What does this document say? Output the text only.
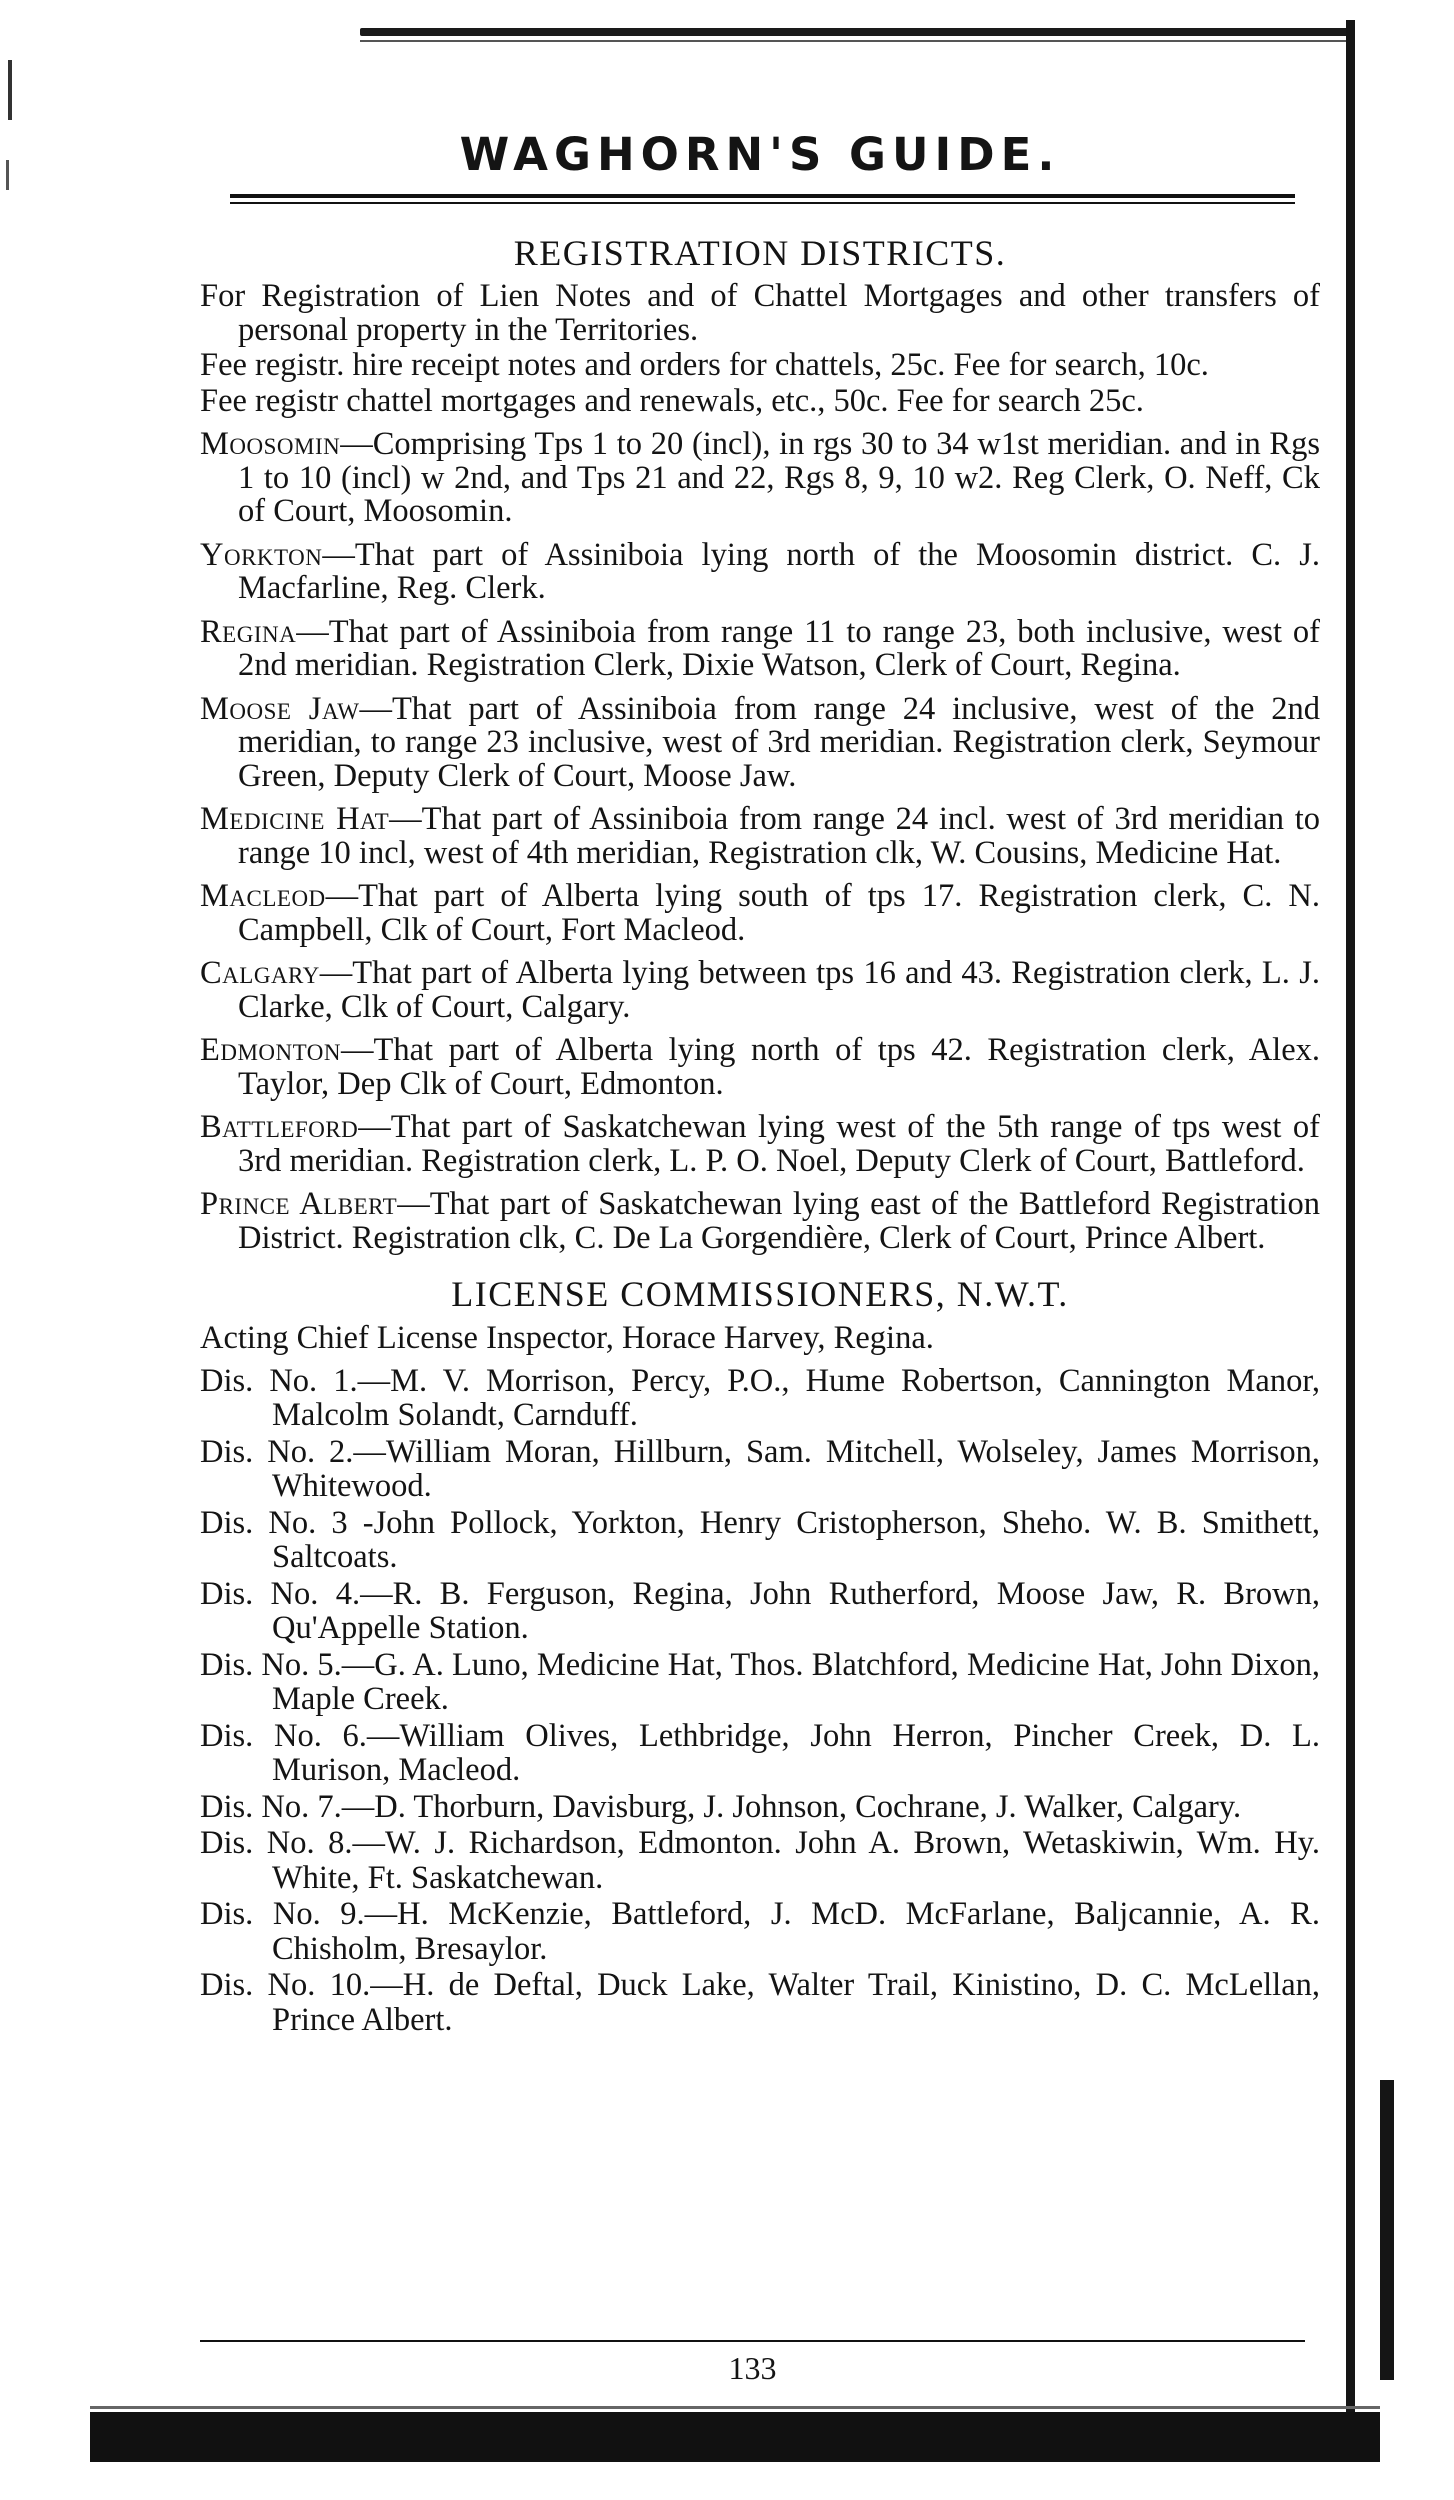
WAGHORN'S GUIDE.
REGISTRATION DISTRICTS.

For Registration of Lien Notes and of Chattel Mortgages and other transfers of personal property in the Territories.

Fee registr. hire receipt notes and orders for chattels, 25c. Fee for search, 10c.

Fee registr chattel mortgages and renewals, etc., 50c. Fee for search 25c.

Moosomin—Comprising Tps 1 to 20 (incl), in rgs 30 to 34 w1st meridian. and in Rgs 1 to 10 (incl) w 2nd, and Tps 21 and 22, Rgs 8, 9, 10 w2. Reg Clerk, O. Neff, Ck of Court, Moosomin.

Yorkton—That part of Assiniboia lying north of the Moosomin district. C. J. Macfarline, Reg. Clerk.

Regina—That part of Assiniboia from range 11 to range 23, both inclusive, west of 2nd meridian. Registration Clerk, Dixie Watson, Clerk of Court, Regina.

Moose Jaw—That part of Assiniboia from range 24 inclusive, west of the 2nd meridian, to range 23 inclusive, west of 3rd meridian. Registration clerk, Seymour Green, Deputy Clerk of Court, Moose Jaw.

Medicine Hat—That part of Assiniboia from range 24 incl. west of 3rd meridian to range 10 incl, west of 4th meridian, Registration clk, W. Cousins, Medicine Hat.

Macleod—That part of Alberta lying south of tps 17. Registration clerk, C. N. Campbell, Clk of Court, Fort Macleod.

Calgary—That part of Alberta lying between tps 16 and 43. Registration clerk, L. J. Clarke, Clk of Court, Calgary.

Edmonton—That part of Alberta lying north of tps 42. Registration clerk, Alex. Taylor, Dep Clk of Court, Edmonton.

Battleford—That part of Saskatchewan lying west of the 5th range of tps west of 3rd meridian. Registration clerk, L. P. O. Noel, Deputy Clerk of Court, Battleford.

Prince Albert—That part of Saskatchewan lying east of the Battleford Registration District. Registration clk, C. De La Gorgendière, Clerk of Court, Prince Albert.

LICENSE COMMISSIONERS, N.W.T.

Acting Chief License Inspector, Horace Harvey, Regina.

Dis. No. 1.—M. V. Morrison, Percy, P.O., Hume Robertson, Cannington Manor, Malcolm Solandt, Carnduff.

Dis. No. 2.—William Moran, Hillburn, Sam. Mitchell, Wolseley, James Morrison, Whitewood.

Dis. No. 3 -John Pollock, Yorkton, Henry Cristopherson, Sheho. W. B. Smithett, Saltcoats.

Dis. No. 4.—R. B. Ferguson, Regina, John Rutherford, Moose Jaw, R. Brown, Qu'Appelle Station.

Dis. No. 5.—G. A. Luno, Medicine Hat, Thos. Blatchford, Medicine Hat, John Dixon, Maple Creek.

Dis. No. 6.—William Olives, Lethbridge, John Herron, Pincher Creek, D. L. Murison, Macleod.

Dis. No. 7.—D. Thorburn, Davisburg, J. Johnson, Cochrane, J. Walker, Calgary.

Dis. No. 8.—W. J. Richardson, Edmonton. John A. Brown, Wetaskiwin, Wm. Hy. White, Ft. Saskatchewan.

Dis. No. 9.—H. McKenzie, Battleford, J. McD. McFarlane, Baljcannie, A. R. Chisholm, Bresaylor.

Dis. No. 10.—H. de Deftal, Duck Lake, Walter Trail, Kinistino, D. C. McLellan, Prince Albert.

133
